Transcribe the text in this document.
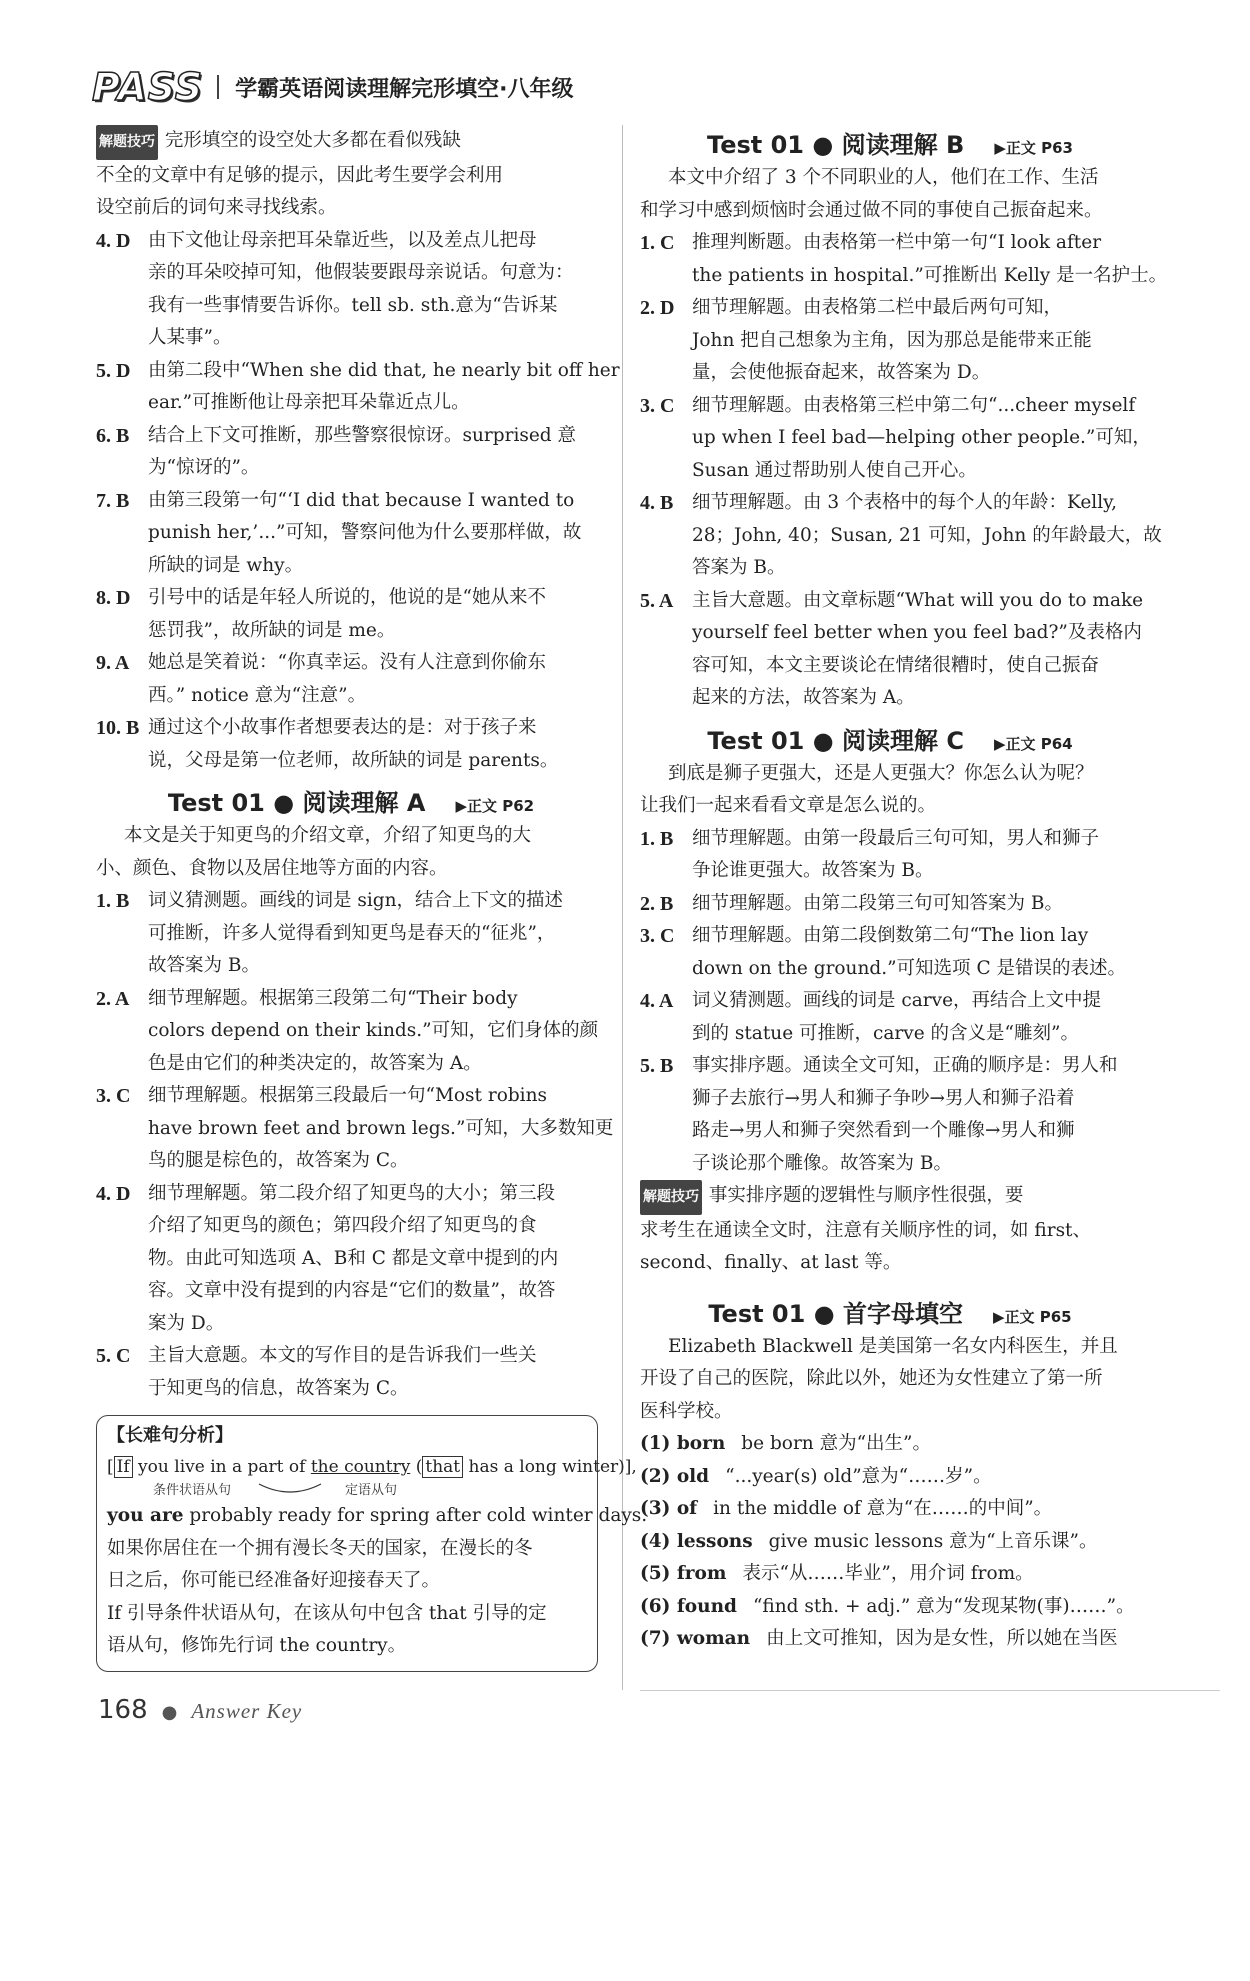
PASS 学霸英语阅读理解完形填空·八年级
解题技巧 完形填空的设空处大多都在看似残缺
不全的文章中有足够的提示，因此考生要学会利用
设空前后的词句来寻找线索。
4. D 由下文他让母亲把耳朵靠近些，以及差点儿把母
亲的耳朵咬掉可知，他假装要跟母亲说话。句意为：
我有一些事情要告诉你。tell sb. sth.意为“告诉某
人某事”。
5. D 由第二段中“When she did that, he nearly bit off her
ear.”可推断他让母亲把耳朵靠近点儿。
6. B	结合上下文可推断，那些警察很惊讶。surprised 意
为“惊讶的”。
7. B	由第三段第一句“‘I did that because I wanted to
punish her,’...”可知，警察问他为什么要那样做，故
所缺的词是 why。
8. D 引号中的话是年轻人所说的，他说的是“她从来不
惩罚我”，故所缺的词是 me。
9. A	她总是笑着说：“你真幸运。没有人注意到你偷东
西。” notice 意为“注意”。
10. B 通过这个小故事作者想要表达的是：对于孩子来
说，父母是第一位老师，故所缺的词是 parents。
Test 01 ● 阅读理解 A ▶正文 P62
本文是关于知更鸟的介绍文章，介绍了知更鸟的大
小、颜色、食物以及居住地等方面的内容。
1. B	词义猜测题。画线的词是 sign，结合上下文的描述
可推断，许多人觉得看到知更鸟是春天的“征兆”，
故答案为 B。
2. A	细节理解题。根据第三段第二句“Their body
colors depend on their kinds.”可知，它们身体的颜
色是由它们的种类决定的，故答案为 A。
3. C 细节理解题。根据第三段最后一句“Most robins
have brown feet and brown legs.”可知，大多数知更
鸟的腿是棕色的，故答案为 C。
4. D 细节理解题。第二段介绍了知更鸟的大小；第三段
介绍了知更鸟的颜色；第四段介绍了知更鸟的食
物。由此可知选项 A、B和 C 都是文章中提到的内
容。文章中没有提到的内容是“它们的数量”，故答
案为 D。
5. C 主旨大意题。本文的写作目的是告诉我们一些关
于知更鸟的信息，故答案为 C。
【长难句分析】
[ If you live in a part of the country ( that has a long winter)],
条件状语从句	定语从句
you are probably ready for spring after cold winter days.
如果你居住在一个拥有漫长冬天的国家，在漫长的冬
日之后，你可能已经准备好迎接春天了。
If 引导条件状语从句，在该从句中包含 that 引导的定
语从句，修饰先行词 the country。
Test 01 ● 阅读理解 B ▶正文 P63
本文中介绍了 3 个不同职业的人，他们在工作、生活
和学习中感到烦恼时会通过做不同的事使自己振奋起来。
1. C 推理判断题。由表格第一栏中第一句“I look after
the patients in hospital.”可推断出 Kelly 是一名护士。
2. D 细节理解题。由表格第二栏中最后两句可知，
John 把自己想象为主角，因为那总是能带来正能
量，会使他振奋起来，故答案为 D。
3. C 细节理解题。由表格第三栏中第二句“...cheer myself
up when I feel bad—helping other people.”可知，
Susan 通过帮助别人使自己开心。
4. B	细节理解题。由 3 个表格中的每个人的年龄：Kelly,
28；John, 40；Susan, 21 可知，John 的年龄最大，故
答案为 B。
5. A	主旨大意题。由文章标题“What will you do to make
yourself feel better when you feel bad?”及表格内
容可知，本文主要谈论在情绪很糟时，使自己振奋
起来的方法，故答案为 A。
Test 01 ● 阅读理解 C ▶正文 P64
到底是狮子更强大，还是人更强大？你怎么认为呢？
让我们一起来看看文章是怎么说的。
1. B	细节理解题。由第一段最后三句可知，男人和狮子
争论谁更强大。故答案为 B。
2. B	细节理解题。由第二段第三句可知答案为 B。
3. C 细节理解题。由第二段倒数第二句“The lion lay
down on the ground.”可知选项 C 是错误的表述。
4. A	词义猜测题。画线的词是 carve，再结合上文中提
到的 statue 可推断，carve 的含义是“雕刻”。
5. B	事实排序题。通读全文可知，正确的顺序是：男人和
狮子去旅行→男人和狮子争吵→男人和狮子沿着
路走→男人和狮子突然看到一个雕像→男人和狮
子谈论那个雕像。故答案为 B。
解题技巧 事实排序题的逻辑性与顺序性很强，要
求考生在通读全文时，注意有关顺序性的词，如 first、
second、finally、at last 等。
Test 01 ● 首字母填空 ▶正文 P65
Elizabeth Blackwell 是美国第一名女内科医生，并且
开设了自己的医院，除此以外，她还为女性建立了第一所
医科学校。
(1) born be born 意为“出生”。
(2) old “...year(s) old”意为“……岁”。
(3) of in the middle of 意为“在……的中间”。
(4) lessons give music lessons 意为“上音乐课”。
(5) from 表示“从……毕业”，用介词 from。
(6) found “find sth. + adj.” 意为“发现某物(事)……”。
(7) woman 由上文可推知，因为是女性，所以她在当医
168 ● Answer Key
